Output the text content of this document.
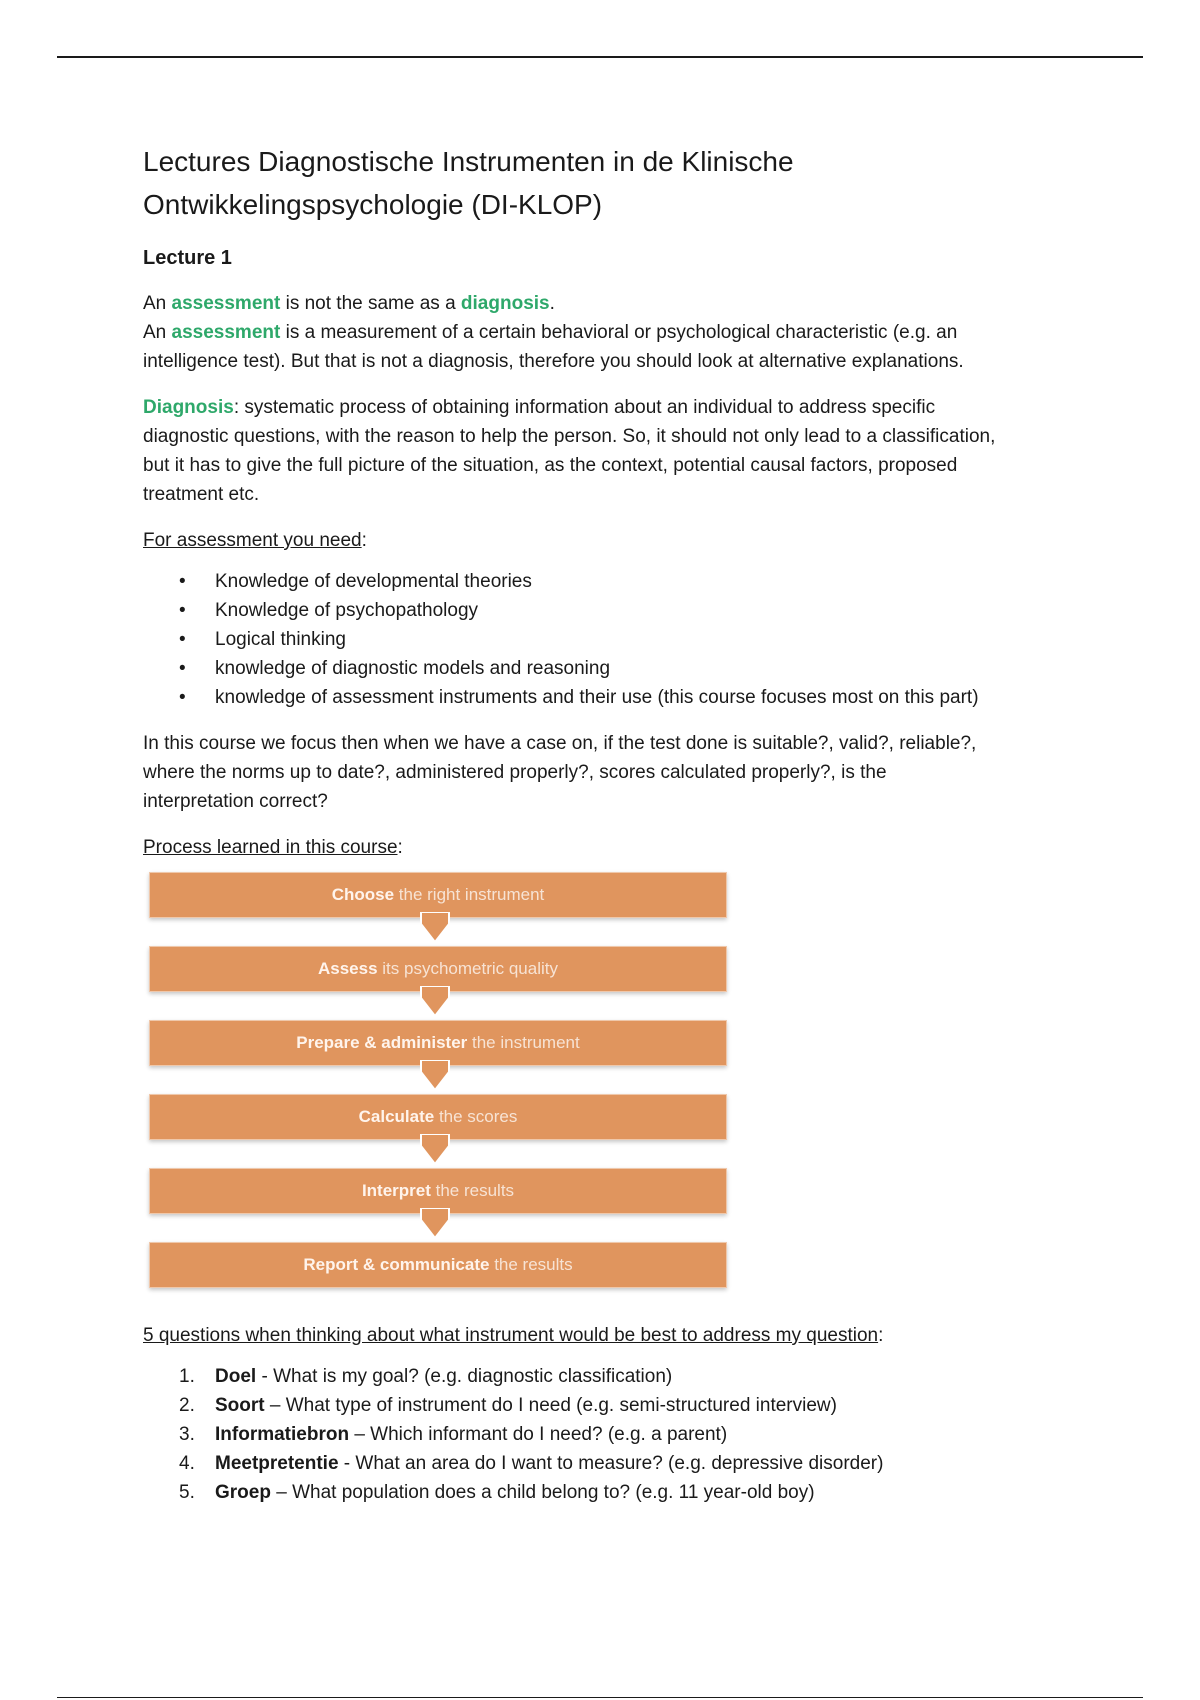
Lectures Diagnostische Instrumenten in de Klinische
Ontwikkelingspsychologie (DI-KLOP)
Lecture 1

An assessment is not the same as a diagnosis.
An assessment is a measurement of a certain behavioral or psychological characteristic (e.g. an
intelligence test). But that is not a diagnosis, therefore you should look at alternative explanations.

Diagnosis: systematic process of obtaining information about an individual to address specific
diagnostic questions, with the reason to help the person. So, it should not only lead to a classification,
but it has to give the full picture of the situation, as the context, potential causal factors, proposed
treatment etc.

For assessment you need:

• Knowledge of developmental theories
• Knowledge of psychopathology
• Logical thinking
• knowledge of diagnostic models and reasoning
• knowledge of assessment instruments and their use (this course focuses most on this part)

In this course we focus then when we have a case on, if the test done is suitable?, valid?, reliable?,
where the norms up to date?, administered properly?, scores calculated properly?, is the
interpretation correct?

Process learned in this course:

Choose the right instrument
Assess its psychometric quality
Prepare & administer the instrument
Calculate the scores
Interpret the results
Report & communicate the results

5 questions when thinking about what instrument would be best to address my question:

1. Doel - What is my goal? (e.g. diagnostic classification)
2. Soort – What type of instrument do I need (e.g. semi-structured interview)
3. Informatiebron – Which informant do I need? (e.g. a parent)
4. Meetpretentie - What an area do I want to measure? (e.g. depressive disorder)
5. Groep – What population does a child belong to? (e.g. 11 year-old boy)
